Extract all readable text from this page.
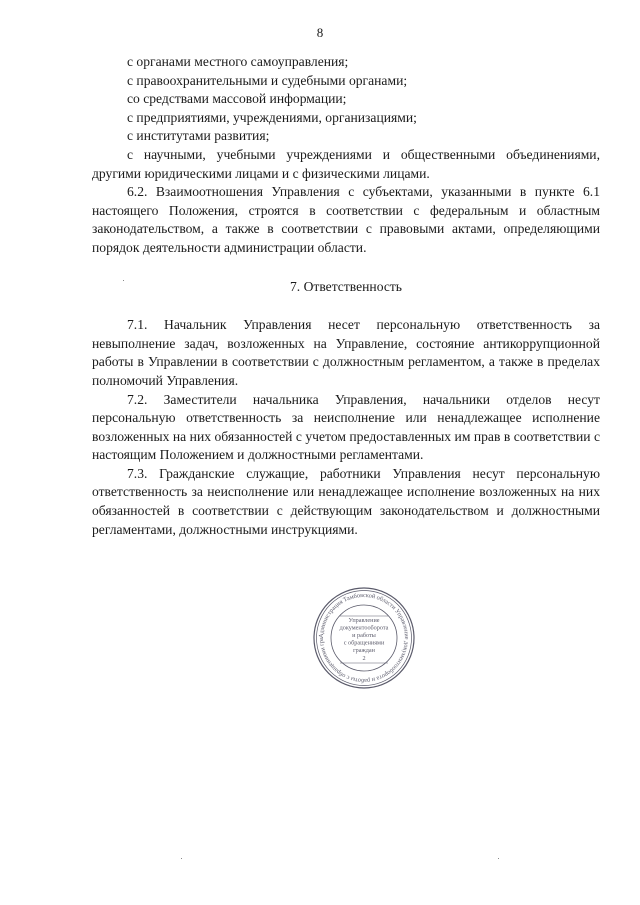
8

с органами местного самоуправления;

с правоохранительными и судебными органами;

со средствами массовой информации;

с предприятиями, учреждениями, организациями;

с институтами развития;

с научными, учебными учреждениями и общественными объединениями, другими юридическими лицами и с физическими лицами.

6.2. Взаимоотношения Управления с субъектами, указанными в пункте 6.1 настоящего Положения, строятся в соответствии с федеральным и областным законодательством, а также в соответствии с правовыми актами, определяющими порядок деятельности администрации области.

7. Ответственность

7.1. Начальник Управления несет персональную ответственность за невыполнение задач, возложенных на Управление, состояние антикоррупционной работы в Управлении в соответствии с должностным регламентом, а также в пределах полномочий Управления.

7.2. Заместители начальника Управления, начальники отделов несут персональную ответственность за неисполнение или ненадлежащее исполнение возложенных на них обязанностей с учетом предоставленных им прав в соответствии с настоящим Положением и должностными регламентами.

7.3. Гражданские служащие, работники Управления несут персональную ответственность за неисполнение или ненадлежащее исполнение возложенных на них обязанностей в соответствии с действующим законодательством и должностными регламентами, должностными инструкциями.

Администрация Тамбовской области Управление документооборота и работы с обращениями гра
Управление
документооборота
и работы
с обращениями
граждан
2
